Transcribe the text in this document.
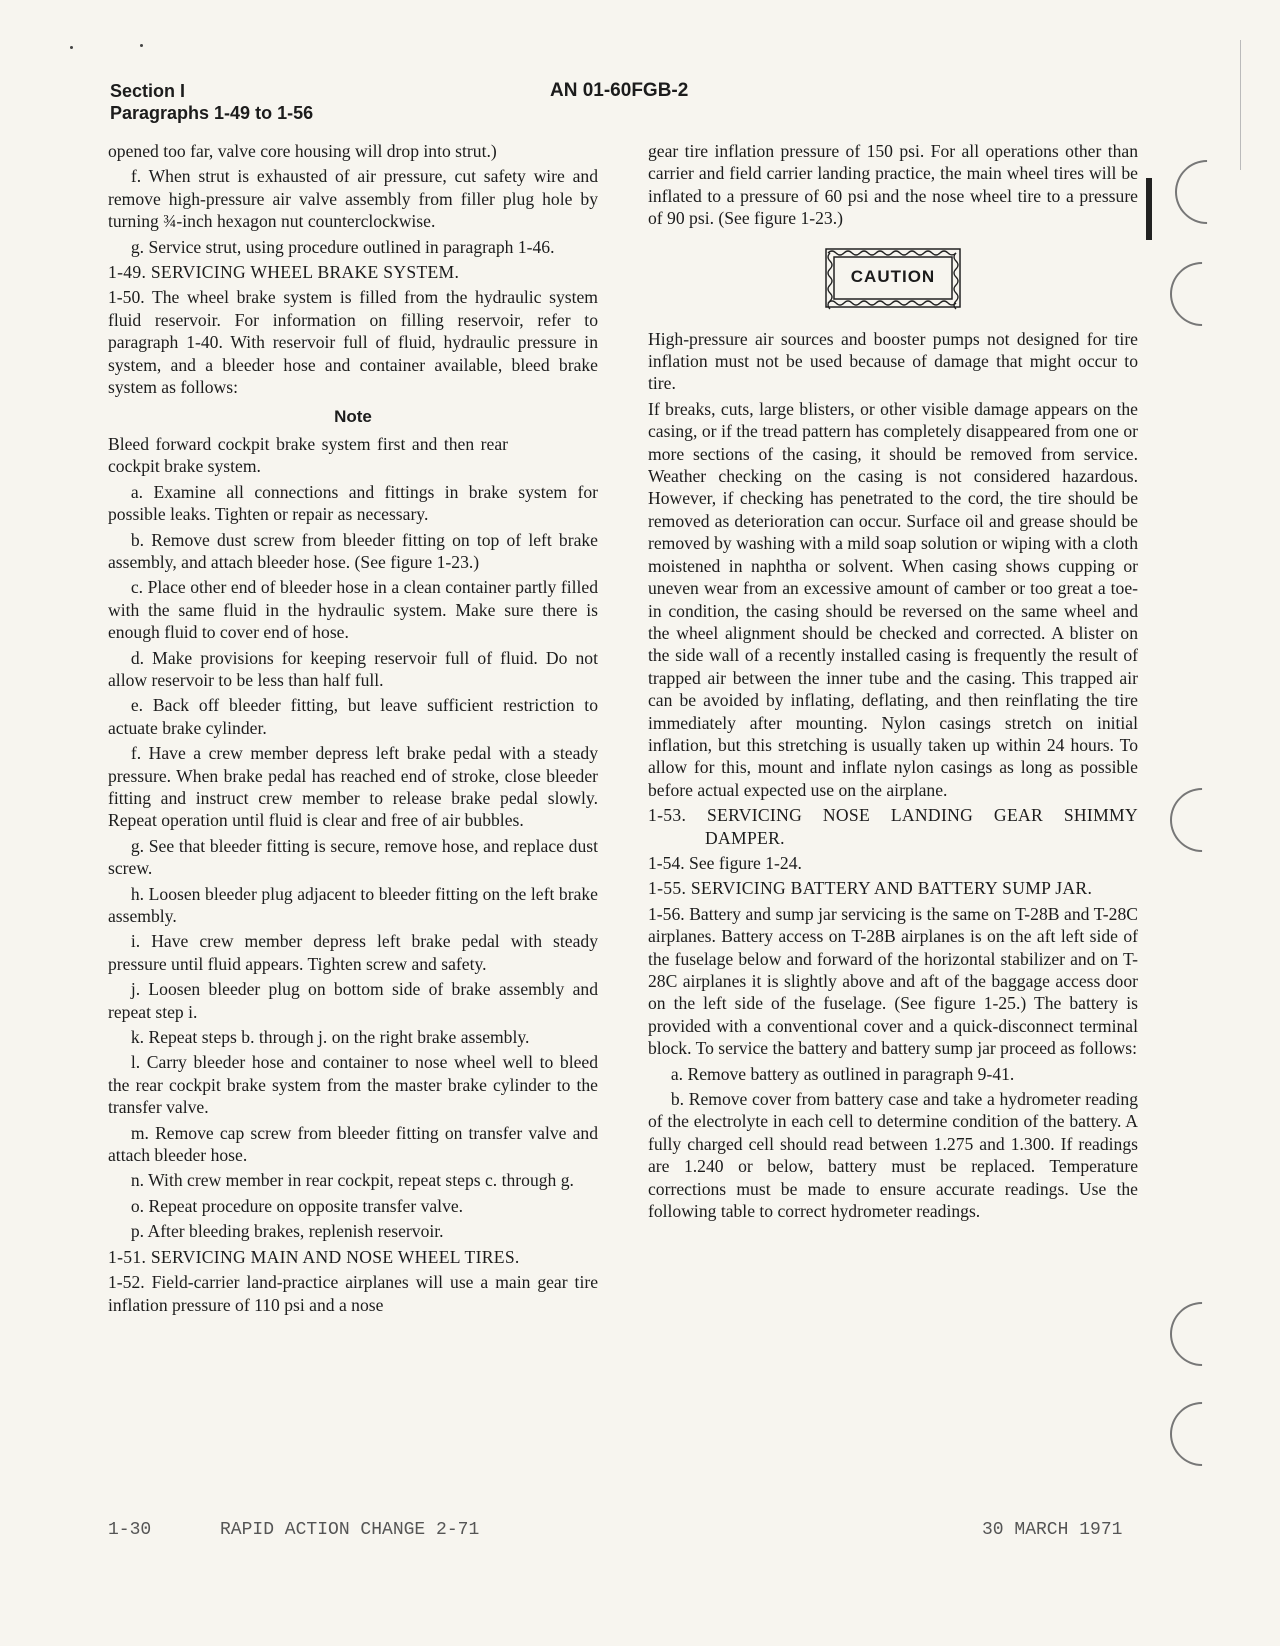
Section I
Paragraphs 1-49 to 1-56
AN 01-60FGB-2

opened too far, valve core housing will drop into strut.)

f. When strut is exhausted of air pressure, cut safety wire and remove high-pressure air valve assembly from filler plug hole by turning ¾-inch hexagon nut counterclockwise.

g. Service strut, using procedure outlined in paragraph 1-46.

1-49. SERVICING WHEEL BRAKE SYSTEM.

1-50. The wheel brake system is filled from the hydraulic system fluid reservoir. For information on filling reservoir, refer to paragraph 1-40. With reservoir full of fluid, hydraulic pressure in system, and a bleeder hose and container available, bleed brake system as follows:

Note

Bleed forward cockpit brake system first and then rear cockpit brake system.

a. Examine all connections and fittings in brake system for possible leaks. Tighten or repair as necessary.

b. Remove dust screw from bleeder fitting on top of left brake assembly, and attach bleeder hose. (See figure 1-23.)

c. Place other end of bleeder hose in a clean container partly filled with the same fluid in the hydraulic system. Make sure there is enough fluid to cover end of hose.

d. Make provisions for keeping reservoir full of fluid. Do not allow reservoir to be less than half full.

e. Back off bleeder fitting, but leave sufficient restriction to actuate brake cylinder.

f. Have a crew member depress left brake pedal with a steady pressure. When brake pedal has reached end of stroke, close bleeder fitting and instruct crew member to release brake pedal slowly. Repeat operation until fluid is clear and free of air bubbles.

g. See that bleeder fitting is secure, remove hose, and replace dust screw.

h. Loosen bleeder plug adjacent to bleeder fitting on the left brake assembly.

i. Have crew member depress left brake pedal with steady pressure until fluid appears. Tighten screw and safety.

j. Loosen bleeder plug on bottom side of brake assembly and repeat step i.

k. Repeat steps b. through j. on the right brake assembly.

l. Carry bleeder hose and container to nose wheel well to bleed the rear cockpit brake system from the master brake cylinder to the transfer valve.

m. Remove cap screw from bleeder fitting on transfer valve and attach bleeder hose.

n. With crew member in rear cockpit, repeat steps c. through g.

o. Repeat procedure on opposite transfer valve.

p. After bleeding brakes, replenish reservoir.

1-51. SERVICING MAIN AND NOSE WHEEL TIRES.

1-52. Field-carrier land-practice airplanes will use a main gear tire inflation pressure of 110 psi and a nose

gear tire inflation pressure of 150 psi. For all operations other than carrier and field carrier landing practice, the main wheel tires will be inflated to a pressure of 60 psi and the nose wheel tire to a pressure of 90 psi. (See figure 1-23.)

CAUTION

High-pressure air sources and booster pumps not designed for tire inflation must not be used because of damage that might occur to tire.

If breaks, cuts, large blisters, or other visible damage appears on the casing, or if the tread pattern has completely disappeared from one or more sections of the casing, it should be removed from service. Weather checking on the casing is not considered hazardous. However, if checking has penetrated to the cord, the tire should be removed as deterioration can occur. Surface oil and grease should be removed by washing with a mild soap solution or wiping with a cloth moistened in naphtha or solvent. When casing shows cupping or uneven wear from an excessive amount of camber or too great a toe-in condition, the casing should be reversed on the same wheel and the wheel alignment should be checked and corrected. A blister on the side wall of a recently installed casing is frequently the result of trapped air between the inner tube and the casing. This trapped air can be avoided by inflating, deflating, and then reinflating the tire immediately after mounting. Nylon casings stretch on initial inflation, but this stretching is usually taken up within 24 hours. To allow for this, mount and inflate nylon casings as long as possible before actual expected use on the airplane.

1-53. SERVICING NOSE LANDING GEAR SHIMMY DAMPER.

1-54. See figure 1-24.

1-55. SERVICING BATTERY AND BATTERY SUMP JAR.

1-56. Battery and sump jar servicing is the same on T-28B and T-28C airplanes. Battery access on T-28B airplanes is on the aft left side of the fuselage below and forward of the horizontal stabilizer and on T-28C airplanes it is slightly above and aft of the baggage access door on the left side of the fuselage. (See figure 1-25.) The battery is provided with a conventional cover and a quick-disconnect terminal block. To service the battery and battery sump jar proceed as follows:

a. Remove battery as outlined in paragraph 9-41.

b. Remove cover from battery case and take a hydrometer reading of the electrolyte in each cell to determine condition of the battery. A fully charged cell should read between 1.275 and 1.300. If readings are 1.240 or below, battery must be replaced. Temperature corrections must be made to ensure accurate readings. Use the following table to correct hydrometer readings.

1-30	RAPID ACTION CHANGE 2-71	30 MARCH 1971
